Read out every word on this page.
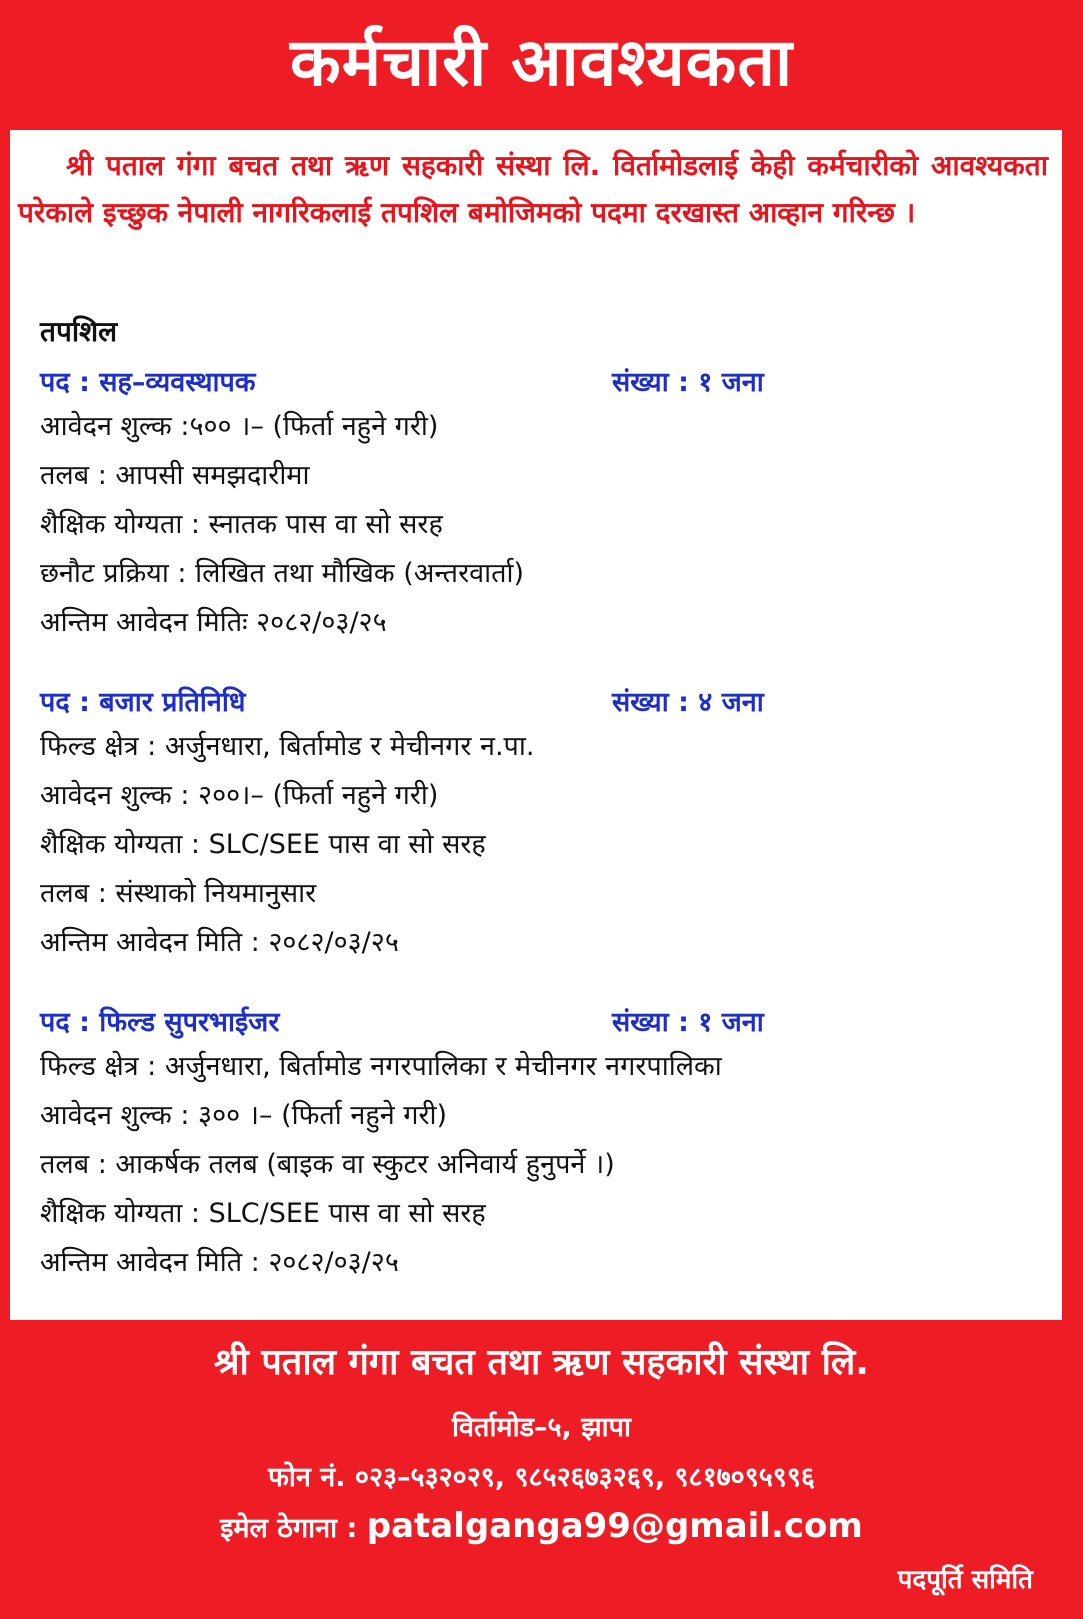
कर्मचारी आवश्यकता
श्री पताल गंगा बचत तथा ऋण सहकारी संस्था लि. विर्तामोडलाई केही कर्मचारीको आवश्यकता परेकाले इच्छुक नेपाली नागरिकलाई तपशिल बमोजिमको पदमा दरखास्त आव्हान गरिन्छ ।
तपशिल
पद : सह–व्यवस्थापक	संख्या : १ जना
आवेदन शुल्क :५०० ।– (फिर्ता नहुने गरी)
तलब : आपसी समझदारीमा
शैक्षिक योग्यता : स्नातक पास वा सो सरह
छनौट प्रक्रिया : लिखित तथा मौखिक (अन्तरवार्ता)
अन्तिम आवेदन मितिः २०८२/०३/२५
पद : बजार प्रतिनिधि	संख्या : ४ जना
फिल्ड क्षेत्र : अर्जुनधारा, बिर्तामोड र मेचीनगर न.पा.
आवेदन शुल्क : २००।– (फिर्ता नहुने गरी)
शैक्षिक योग्यता : SLC/SEE पास वा सो सरह
तलब : संस्थाको नियमानुसार
अन्तिम आवेदन मिति : २०८२/०३/२५
पद : फिल्ड सुपरभाईजर	संख्या : १ जना
फिल्ड क्षेत्र : अर्जुनधारा, बिर्तामोड नगरपालिका र मेचीनगर नगरपालिका
आवेदन शुल्क : ३०० ।– (फिर्ता नहुने गरी)
तलब : आकर्षक तलब (बाइक वा स्कुटर अनिवार्य हुनुपर्ने ।)
शैक्षिक योग्यता : SLC/SEE पास वा सो सरह
अन्तिम आवेदन मिति : २०८२/०३/२५
श्री पताल गंगा बचत तथा ऋण सहकारी संस्था लि.
विर्तामोड–५, झापा
फोन नं. ०२३–५३२०२९, ९८५२६७३२६९, ९८१७०९५९९६
इमेल ठेगाना : patalganga99@gmail.com
पदपूर्ति समिति
